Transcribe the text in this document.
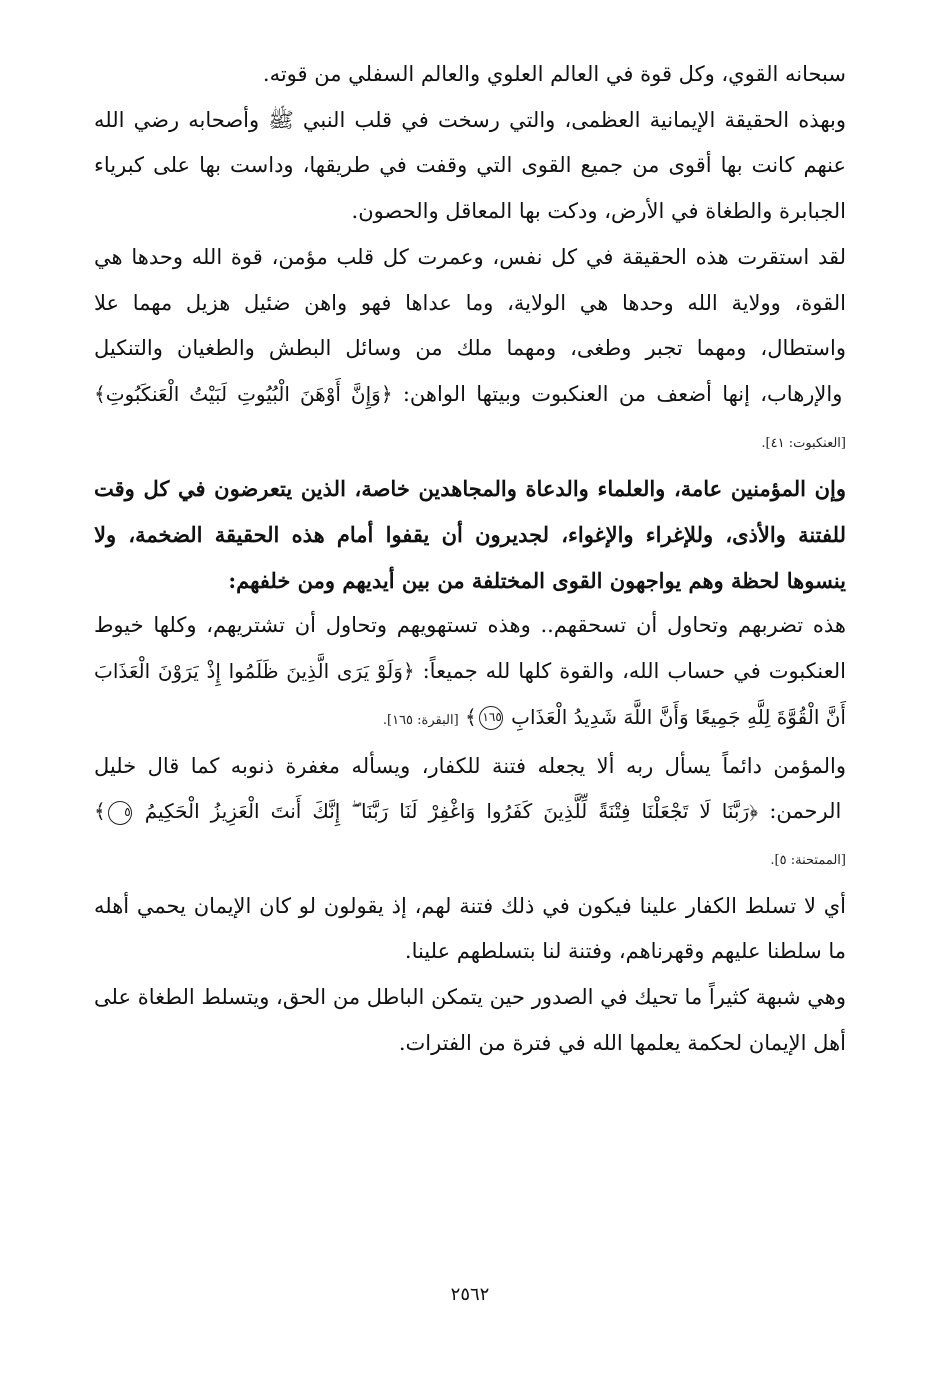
سبحانه القوي، وكل قوة في العالم العلوي والعالم السفلي من قوته.

وبهذه الحقيقة الإيمانية العظمى، والتي رسخت في قلب النبي ﷺ وأصحابه رضي الله عنهم كانت بها أقوى من جميع القوى التي وقفت في طريقها، وداست بها على كبرياء الجبابرة والطغاة في الأرض، ودكت بها المعاقل والحصون.

لقد استقرت هذه الحقيقة في كل نفس، وعمرت كل قلب مؤمن، قوة الله وحدها هي القوة، وولاية الله وحدها هي الولاية، وما عداها فهو واهن ضئيل هزيل مهما علا واستطال، ومهما تجبر وطغى، ومهما ملك من وسائل البطش والطغيان والتنكيل والإرهاب، إنها أضعف من العنكبوت وبيتها الواهن: ﴿وَإِنَّ أَوْهَنَ الْبُيُوتِ لَبَيْتُ الْعَنكَبُوتِ﴾ [العنكبوت: ٤١].

وإن المؤمنين عامة، والعلماء والدعاة والمجاهدين خاصة، الذين يتعرضون في كل وقت للفتنة والأذى، وللإغراء والإغواء، لجديرون أن يقفوا أمام هذه الحقيقة الضخمة، ولا ينسوها لحظة وهم يواجهون القوى المختلفة من بين أيديهم ومن خلفهم:

هذه تضربهم وتحاول أن تسحقهم.. وهذه تستهويهم وتحاول أن تشتريهم، وكلها خيوط العنكبوت في حساب الله، والقوة كلها لله جميعاً: ﴿وَلَوْ يَرَى الَّذِينَ ظَلَمُوا إِذْ يَرَوْنَ الْعَذَابَ أَنَّ الْقُوَّةَ لِلَّهِ جَمِيعًا وَأَنَّ اللَّهَ شَدِيدُ الْعَذَابِ ١٦٥﴾ [البقرة: ١٦٥].

والمؤمن دائماً يسأل ربه ألا يجعله فتنة للكفار، ويسأله مغفرة ذنوبه كما قال خليل الرحمن: ﴿رَبَّنَا لَا تَجْعَلْنَا فِتْنَةً لِّلَّذِينَ كَفَرُوا وَاغْفِرْ لَنَا رَبَّنَا ۖ إِنَّكَ أَنتَ الْعَزِيزُ الْحَكِيمُ ٥﴾ [الممتحنة: ٥].

أي لا تسلط الكفار علينا فيكون في ذلك فتنة لهم، إذ يقولون لو كان الإيمان يحمي أهله ما سلطنا عليهم وقهرناهم، وفتنة لنا بتسلطهم علينا.

وهي شبهة كثيراً ما تحيك في الصدور حين يتمكن الباطل من الحق، ويتسلط الطغاة على أهل الإيمان لحكمة يعلمها الله في فترة من الفترات.

٢٥٦٢
